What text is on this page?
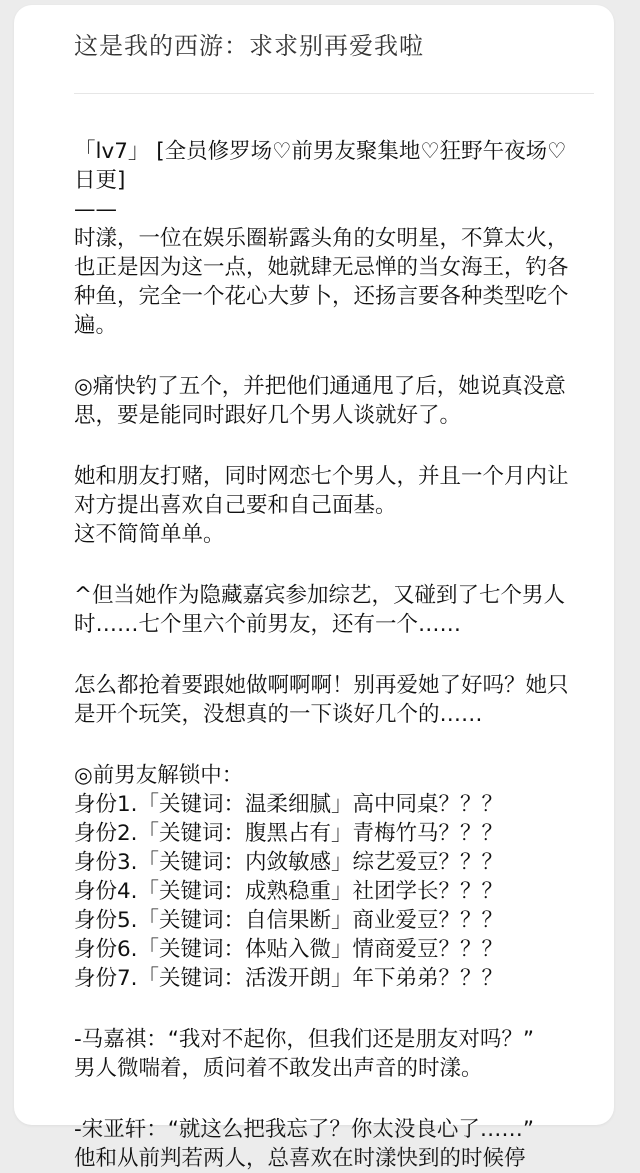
这是我的西游：求求别再爱我啦

「lv7」 [全员修罗场♡前男友聚集地♡狂野午夜场♡日更]

——

时漾，一位在娱乐圈崭露头角的女明星，不算太火，也正是因为这一点，她就肆无忌惮的当女海王，钓各种鱼，完全一个花心大萝卜，还扬言要各种类型吃个遍。

◎痛快钓了五个，并把他们通通甩了后，她说真没意思，要是能同时跟好几个男人谈就好了。

她和朋友打赌，同时网恋七个男人，并且一个月内让对方提出喜欢自己要和自己面基。

这不简简单单。

^但当她作为隐藏嘉宾参加综艺，又碰到了七个男人时……七个里六个前男友，还有一个……

怎么都抢着要跟她做啊啊啊！别再爱她了好吗？她只是开个玩笑，没想真的一下谈好几个的……

◎前男友解锁中：

身份1.「关键词：温柔细腻」高中同桌？？？

身份2.「关键词：腹黑占有」青梅竹马？？？

身份3.「关键词：内敛敏感」综艺爱豆？？？

身份4.「关键词：成熟稳重」社团学长？？？

身份5.「关键词：自信果断」商业爱豆？？？

身份6.「关键词：体贴入微」情商爱豆？？？

身份7.「关键词：活泼开朗」年下弟弟？？？

-马嘉祺：“我对不起你，但我们还是朋友对吗？”

男人微喘着，质问着不敢发出声音的时漾。

-宋亚轩：“就这么把我忘了？你太没良心了……”

他和从前判若两人，总喜欢在时漾快到的时候停
